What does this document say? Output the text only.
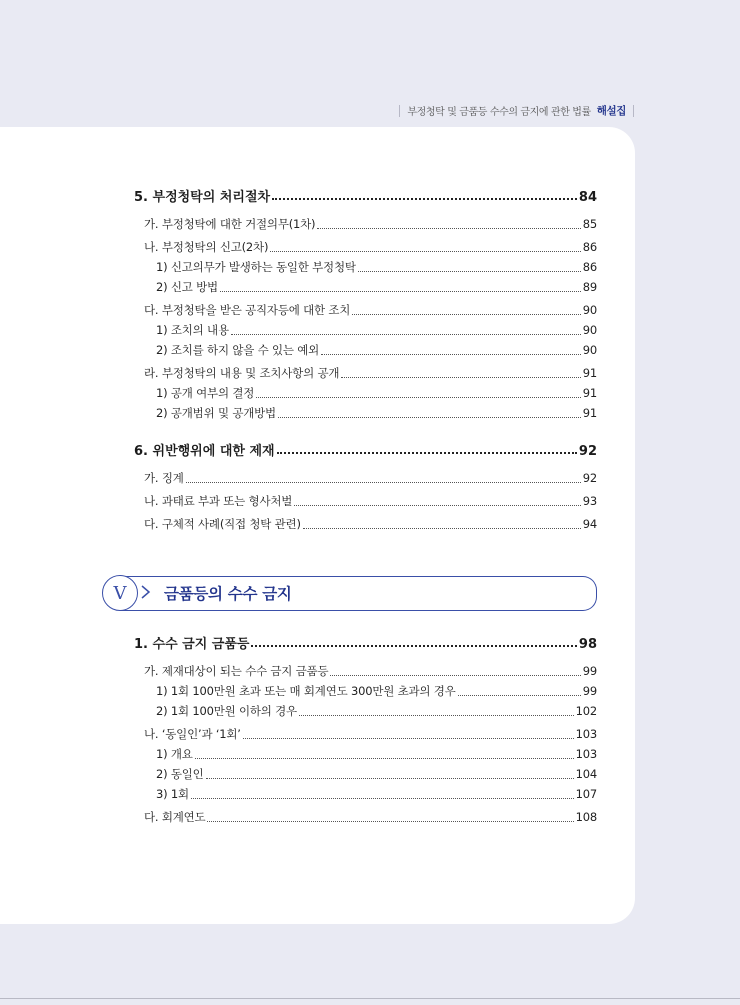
부정청탁 및 금품등 수수의 금지에 관한 법률 해설집
5. 부정청탁의 처리절차	84
가. 부정청탁에 대한 거절의무(1차)	85
나. 부정청탁의 신고(2차)	86
1) 신고의무가 발생하는 동일한 부정청탁	86
2) 신고 방법	89
다. 부정청탁을 받은 공직자등에 대한 조치	90
1) 조치의 내용	90
2) 조치를 하지 않을 수 있는 예외	90
라. 부정청탁의 내용 및 조치사항의 공개	91
1) 공개 여부의 결정	91
2) 공개범위 및 공개방법	91
6. 위반행위에 대한 제재	92
가. 징계	92
나. 과태료 부과 또는 형사처벌	93
다. 구체적 사례(직접 청탁 관련)	94
V	금품등의 수수 금지
1. 수수 금지 금품등	98
가. 제재대상이 되는 수수 금지 금품등	99
1) 1회 100만원 초과 또는 매 회계연도 300만원 초과의 경우	99
2) 1회 100만원 이하의 경우	102
나. ‘동일인’과 ‘1회’	103
1) 개요	103
2) 동일인	104
3) 1회	107
다. 회계연도	108
